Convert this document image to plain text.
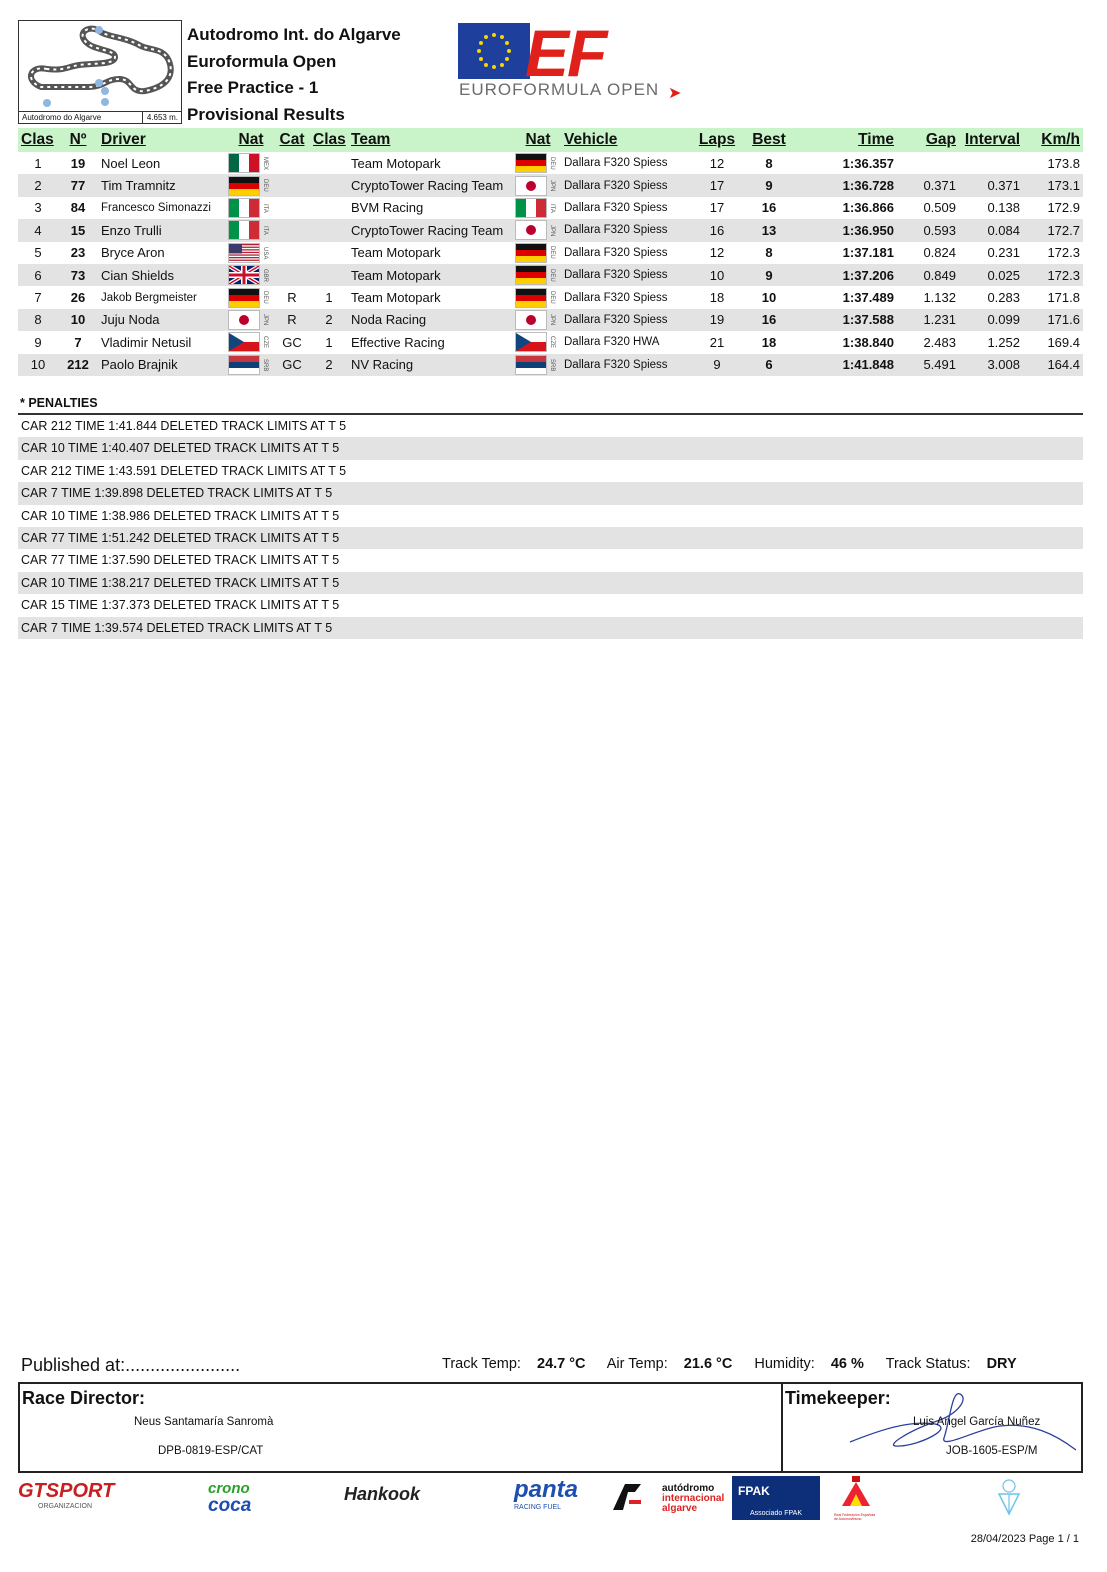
Autodromo do Algarve	4.653 m.
Autodromo Int. do Algarve
Euroformula Open
Free Practice - 1
Provisional Results
EF
EUROFORMULA OPEN ➤
Clas	Nº	Driver	Nat	Cat	Clas	Team	Nat	Vehicle	Laps	Best	Time	Gap	Interval	Km/h
1	19	Noel Leon	MEX			Team Motopark	DEU	Dallara F320 Spiess	12	8	1:36.357			173.8
2	77	Tim Tramnitz	DEU			CryptoTower Racing Team	JPN	Dallara F320 Spiess	17	9	1:36.728	0.371	0.371	173.1
3	84	Francesco Simonazzi	ITA			BVM Racing	ITA	Dallara F320 Spiess	17	16	1:36.866	0.509	0.138	172.9
4	15	Enzo Trulli	ITA			CryptoTower Racing Team	JPN	Dallara F320 Spiess	16	13	1:36.950	0.593	0.084	172.7
5	23	Bryce Aron	USA			Team Motopark	DEU	Dallara F320 Spiess	12	8	1:37.181	0.824	0.231	172.3
6	73	Cian Shields	GBR			Team Motopark	DEU	Dallara F320 Spiess	10	9	1:37.206	0.849	0.025	172.3
7	26	Jakob Bergmeister	DEU	R	1	Team Motopark	DEU	Dallara F320 Spiess	18	10	1:37.489	1.132	0.283	171.8
8	10	Juju Noda	JPN	R	2	Noda Racing	JPN	Dallara F320 Spiess	19	16	1:37.588	1.231	0.099	171.6
9	7	Vladimir Netusil	CZE	GC	1	Effective Racing	CZE	Dallara F320 HWA	21	18	1:38.840	2.483	1.252	169.4
10	212	Paolo Brajnik	SRB	GC	2	NV Racing	SRB	Dallara F320 Spiess	9	6	1:41.848	5.491	3.008	164.4
* PENALTIES
CAR 212 TIME 1:41.844 DELETED TRACK LIMITS AT T 5
CAR 10 TIME 1:40.407 DELETED TRACK LIMITS AT T 5
CAR 212 TIME 1:43.591 DELETED TRACK LIMITS AT T 5
CAR 7 TIME 1:39.898 DELETED TRACK LIMITS AT T 5
CAR 10 TIME 1:38.986 DELETED TRACK LIMITS AT T 5
CAR 77 TIME 1:51.242 DELETED TRACK LIMITS AT T 5
CAR 77 TIME 1:37.590 DELETED TRACK LIMITS AT T 5
CAR 10 TIME 1:38.217 DELETED TRACK LIMITS AT T 5
CAR 15 TIME 1:37.373 DELETED TRACK LIMITS AT T 5
CAR 7 TIME 1:39.574 DELETED TRACK LIMITS AT T 5
Published at:.......................	Track Temp: 24.7 °C Air Temp: 21.6 °C Humidity: 46 % Track Status: DRY
Race Director:
Neus Santamaría Sanromà
DPB-0819-ESP/CAT
Timekeeper:
Luis Angel García Nuñez
JOB-1605-ESP/M
GTSPORT
ORGANIZACION
crono
coca
Hankook	panta
RACING FUEL
autódromo
internacional
algarve
FPAK
Associado FPAK	Real Federación Española de Automovilismo
28/04/2023 Page 1 / 1
